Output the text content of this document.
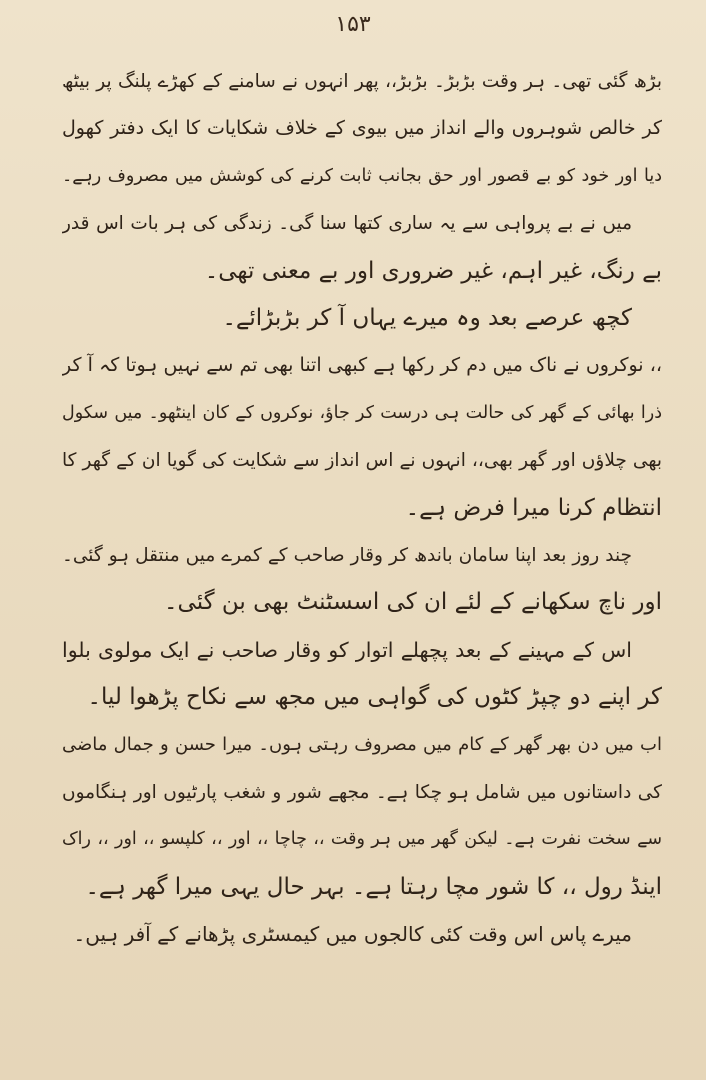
۱۵۳
بڑھ گئی تھی۔ ہر وقت بڑبڑ۔ بڑبڑ،، پھر انہوں نے سامنے کے کھڑے پلنگ پر بیٹھ
کر خالص شوہروں والے انداز میں بیوی کے خلاف شکایات کا ایک دفتر کھول
دیا اور خود کو بے قصور اور حق بجانب ثابت کرنے کی کوشش میں مصروف رہے۔
میں نے بے پرواہی سے یہ ساری کتھا سنا گی۔ زندگی کی ہر بات اس قدر
بے رنگ، غیر اہم، غیر ضروری اور بے معنی تھی۔
کچھ عرصے بعد وہ میرے یہاں آ کر بڑبڑائے۔
،، نوکروں نے ناک میں دم کر رکھا ہے کبھی اتنا بھی تم سے نہیں ہوتا کہ آ کر
ذرا بھائی کے گھر کی حالت ہی درست کر جاؤ، نوکروں کے کان اینٹھو۔ میں سکول
بھی چلاؤں اور گھر بھی،، انہوں نے اس انداز سے شکایت کی گویا ان کے گھر کا
انتظام کرنا میرا فرض ہے۔
چند روز بعد اپنا سامان باندھ کر وقار صاحب کے کمرے میں منتقل ہو گئی۔
اور ناچ سکھانے کے لئے ان کی اسسٹنٹ بھی بن گئی۔
اس کے مہینے کے بعد پچھلے اتوار کو وقار صاحب نے ایک مولوی بلوا
کر اپنے دو چپڑ کٹوں کی گواہی میں مجھ سے نکاح پڑھوا لیا۔
اب میں دن بھر گھر کے کام میں مصروف رہتی ہوں۔ میرا حسن و جمال ماضی
کی داستانوں میں شامل ہو چکا ہے۔ مجھے شور و شغب پارٹیوں اور ہنگاموں
سے سخت نفرت ہے۔ لیکن گھر میں ہر وقت ،، چاچا ،، اور ،، کلپسو ،، اور ،، راک
اینڈ رول ،، کا شور مچا رہتا ہے۔ بہر حال یہی میرا گھر ہے۔
میرے پاس اس وقت کئی کالجوں میں کیمسٹری پڑھانے کے آفر ہیں۔
